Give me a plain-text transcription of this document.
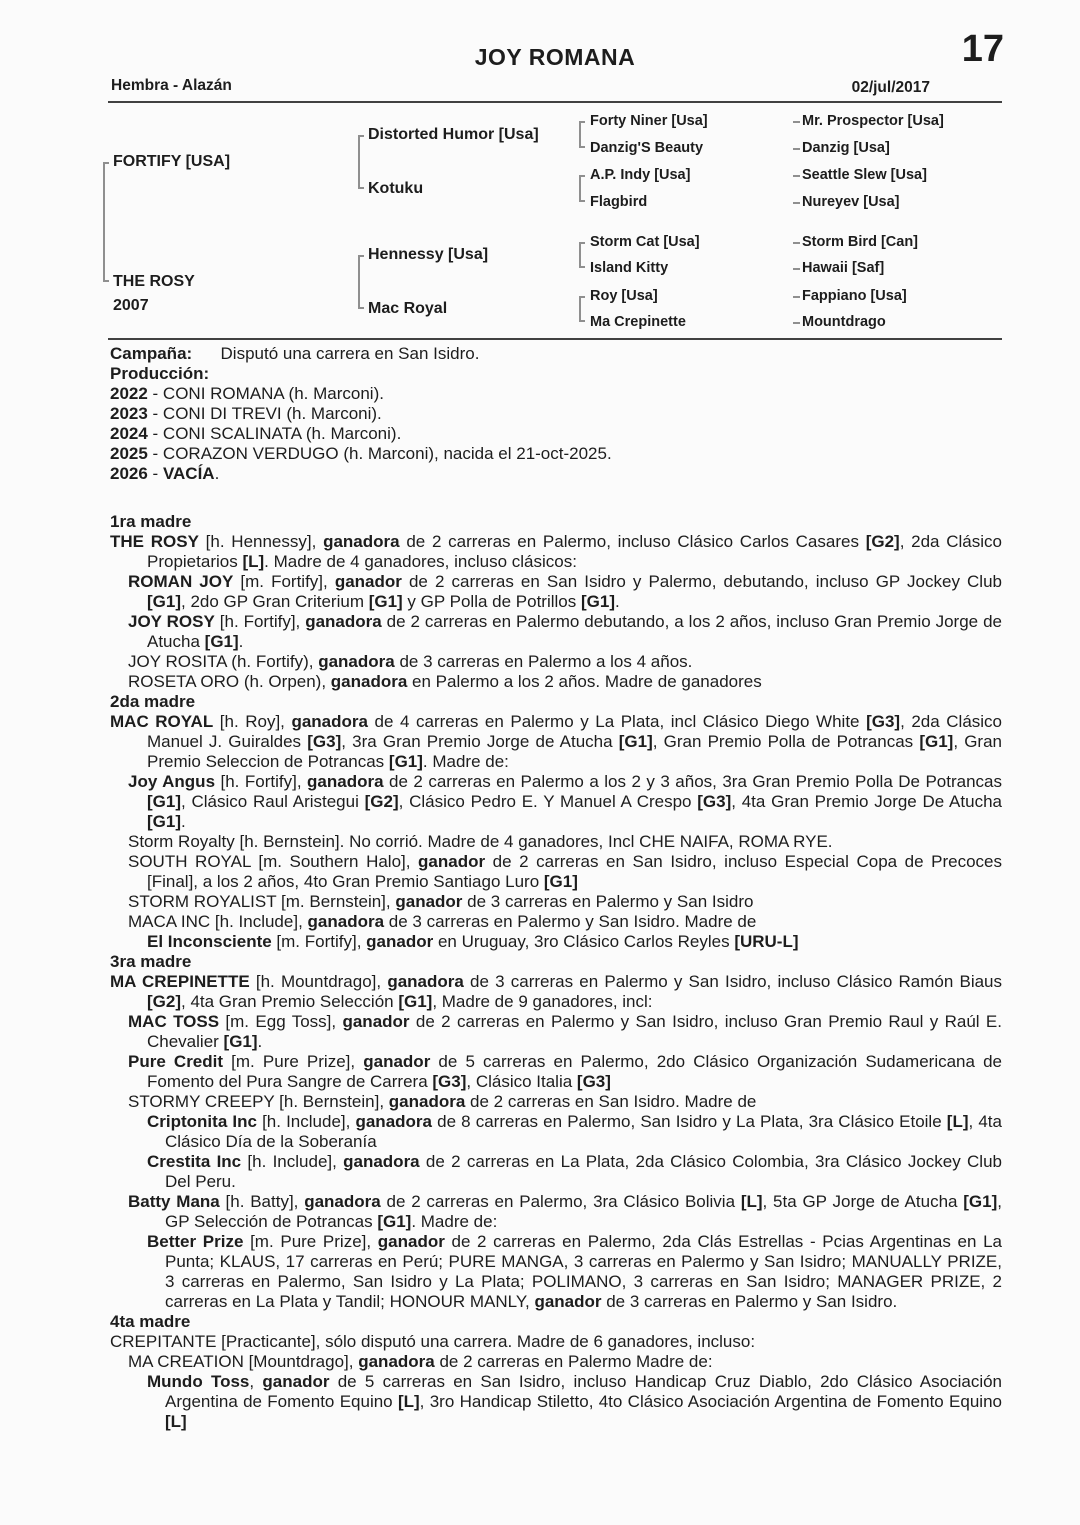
JOY ROMANA	17
Hembra - Alazán	02/jul/2017
FORTIFY [USA]
THE ROSY
2007
Distorted Humor [Usa]
Kotuku
Hennessy [Usa]
Mac Royal
Forty Niner [Usa]
Danzig'S Beauty
A.P. Indy [Usa]
Flagbird
Storm Cat [Usa]
Island Kitty
Roy [Usa]
Ma Crepinette
Mr. Prospector [Usa]
Danzig [Usa]
Seattle Slew [Usa]
Nureyev [Usa]
Storm Bird [Can]
Hawaii [Saf]
Fappiano [Usa]
Mountdrago
Campaña:      Disputó una carrera en San Isidro.
Producción:
2022 - CONI ROMANA (h. Marconi).
2023 - CONI DI TREVI (h. Marconi).
2024 - CONI SCALINATA (h. Marconi).
2025 - CORAZON VERDUGO (h. Marconi), nacida el 21-oct-2025.
2026 - VACÍA.
1ra madre
THE ROSY [h. Hennessy], ganadora de 2 carreras en Palermo, incluso Clásico Carlos Casares [G2], 2da Clásico Propietarios [L]. Madre de 4 ganadores, incluso clásicos:
ROMAN JOY [m. Fortify], ganador de 2 carreras en San Isidro y Palermo, debutando, incluso GP Jockey Club [G1], 2do GP Gran Criterium [G1] y GP Polla de Potrillos [G1].
JOY ROSY [h. Fortify], ganadora de 2 carreras en Palermo debutando, a los 2 años, incluso Gran Premio Jorge de Atucha [G1].
JOY ROSITA (h. Fortify), ganadora de 3 carreras en Palermo a los 4 años.
ROSETA ORO (h. Orpen), ganadora en Palermo a los 2 años. Madre de ganadores
2da madre
MAC ROYAL [h. Roy], ganadora de 4 carreras en Palermo y La Plata, incl Clásico Diego White [G3], 2da Clásico Manuel J. Guiraldes [G3], 3ra Gran Premio Jorge de Atucha [G1], Gran Premio Polla de Potrancas [G1], Gran Premio Seleccion de Potrancas [G1]. Madre de:
Joy Angus [h. Fortify], ganadora de 2 carreras en Palermo a los 2 y 3 años, 3ra Gran Premio Polla De Potrancas [G1], Clásico Raul Aristegui [G2], Clásico Pedro E. Y Manuel A Crespo [G3], 4ta Gran Premio Jorge De Atucha [G1].
Storm Royalty [h. Bernstein]. No corrió. Madre de 4 ganadores, Incl CHE NAIFA, ROMA RYE.
SOUTH ROYAL [m. Southern Halo], ganador de 2 carreras en San Isidro, incluso Especial Copa de Precoces [Final], a los 2 años, 4to Gran Premio Santiago Luro [G1]
STORM ROYALIST [m. Bernstein], ganador de 3 carreras en Palermo y San Isidro
MACA INC [h. Include], ganadora de 3 carreras en Palermo y San Isidro. Madre de
El Inconsciente [m. Fortify], ganador en Uruguay, 3ro Clásico Carlos Reyles [URU-L]
3ra madre
MA CREPINETTE [h. Mountdrago], ganadora de 3 carreras en Palermo y San Isidro, incluso Clásico Ramón Biaus [G2], 4ta Gran Premio Selección [G1], Madre de 9 ganadores, incl:
MAC TOSS [m. Egg Toss], ganador de 2 carreras en Palermo y San Isidro, incluso Gran Premio Raul y Raúl E. Chevalier [G1].
Pure Credit [m. Pure Prize], ganador de 5 carreras en Palermo, 2do Clásico Organización Sudamericana de Fomento del Pura Sangre de Carrera [G3], Clásico Italia [G3]
STORMY CREEPY [h. Bernstein], ganadora de 2 carreras en San Isidro. Madre de
Criptonita Inc [h. Include], ganadora de 8 carreras en Palermo, San Isidro y La Plata, 3ra Clásico Etoile [L], 4ta Clásico Día de la Soberanía
Crestita Inc [h. Include], ganadora de 2 carreras en La Plata, 2da Clásico Colombia, 3ra Clásico Jockey Club Del Peru.
Batty Mana [h. Batty], ganadora de 2 carreras en Palermo, 3ra Clásico Bolivia [L], 5ta GP Jorge de Atucha [G1], GP Selección de Potrancas [G1]. Madre de:
Better Prize [m. Pure Prize], ganador de 2 carreras en Palermo, 2da Clás Estrellas - Pcias Argentinas en La Punta; KLAUS, 17 carreras en Perú; PURE MANGA, 3 carreras en Palermo y San Isidro; MANUALLY PRIZE, 3 carreras en Palermo, San Isidro y La Plata; POLIMANO, 3 carreras en San Isidro; MANAGER PRIZE, 2 carreras en La Plata y Tandil; HONOUR MANLY, ganador de 3 carreras en Palermo y San Isidro.
4ta madre
CREPITANTE [Practicante], sólo disputó una carrera. Madre de 6 ganadores, incluso:
MA CREATION [Mountdrago], ganadora de 2 carreras en Palermo Madre de:
Mundo Toss, ganador de 5 carreras en San Isidro, incluso Handicap Cruz Diablo, 2do Clásico Asociación Argentina de Fomento Equino [L], 3ro Handicap Stiletto, 4to Clásico Asociación Argentina de Fomento Equino [L]
